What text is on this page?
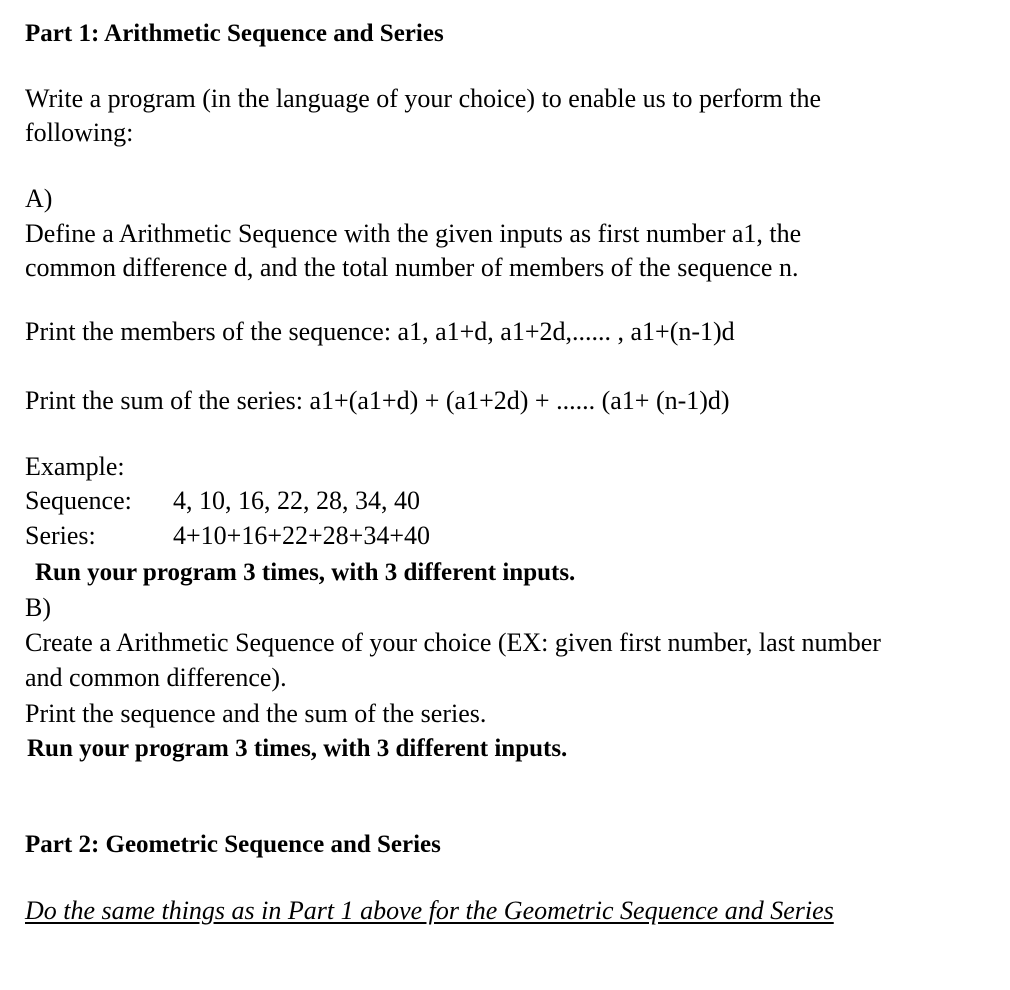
Part 1: Arithmetic Sequence and Series
Write a program (in the language of your choice) to enable us to perform the
following:
A)
Define a Arithmetic Sequence with the given inputs as first number a1, the
common difference d, and the total number of members of the sequence n.
Print the members of the sequence: a1, a1+d, a1+2d,...... , a1+(n-1)d
Print the sum of the series: a1+(a1+d) + (a1+2d) + ...... (a1+ (n-1)d)
Example:
Sequence: 4, 10, 16, 22, 28, 34, 40
Series:	4+10+16+22+28+34+40
Run your program 3 times, with 3 different inputs.
B)
Create a Arithmetic Sequence of your choice (EX: given first number, last number
and common difference).
Print the sequence and the sum of the series.
Run your program 3 times, with 3 different inputs.
Part 2: Geometric Sequence and Series
Do the same things as in Part 1 above for the Geometric Sequence and Series
